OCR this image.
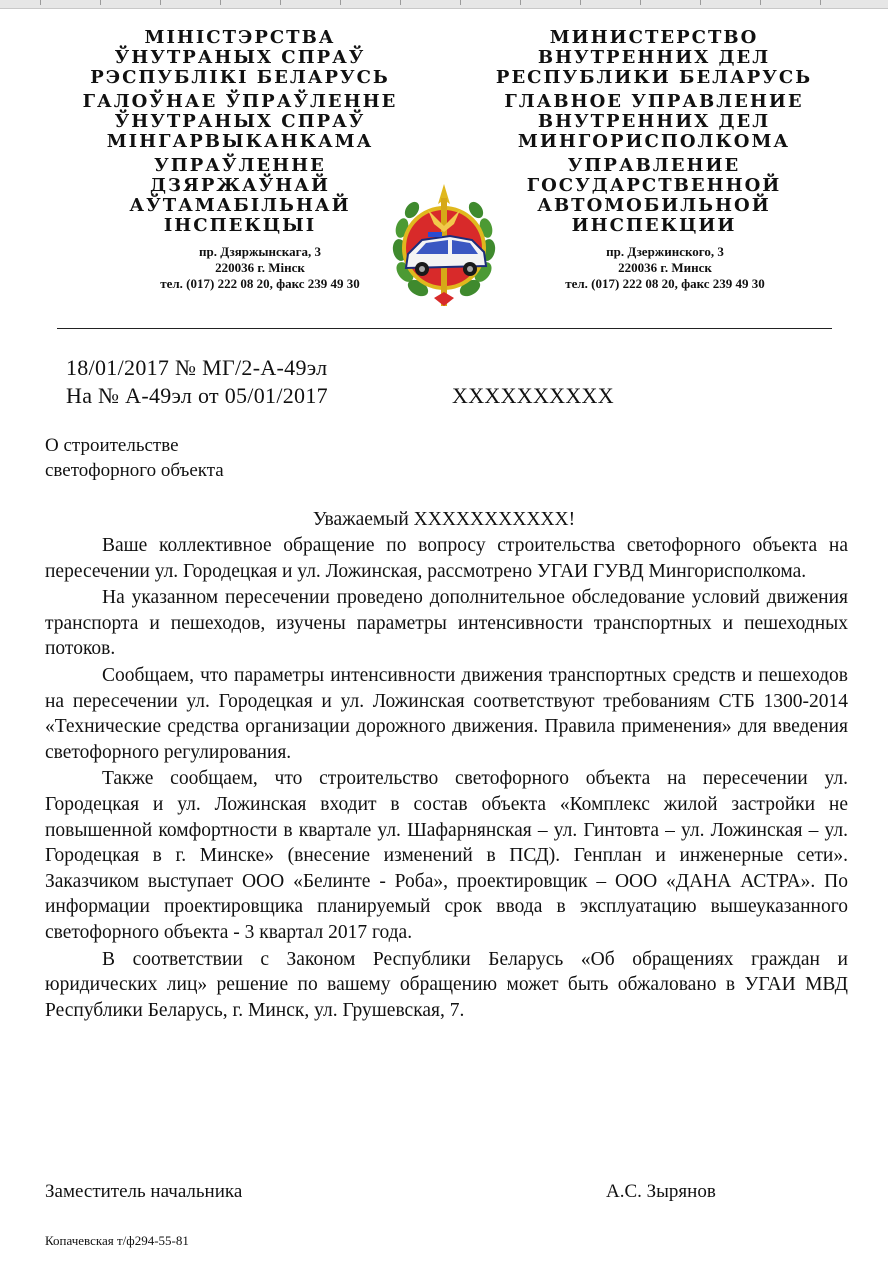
МІНІСТЭРСТВА
ЎНУТРАНЫХ СПРАЎ
РЭСПУБЛІКІ БЕЛАРУСЬ
ГАЛОЎНАЕ ЎПРАЎЛЕННЕ
ЎНУТРАНЫХ СПРАЎ
МІНГАРВЫКАНКАМА
УПРАЎЛЕННЕ
ДЗЯРЖАЎНАЙ
АЎТАМАБІЛЬНАЙ
ІНСПЕКЦЫІ
пр. Дзяржынскага, 3
220036 г. Мінск
тел. (017) 222 08 20, факс 239 49 30
МИНИСТЕРСТВО
ВНУТРЕННИХ ДЕЛ
РЕСПУБЛИКИ БЕЛАРУСЬ
ГЛАВНОЕ УПРАВЛЕНИЕ
ВНУТРЕННИХ ДЕЛ
МИНГОРИСПОЛКОМА
УПРАВЛЕНИЕ
ГОСУДАРСТВЕННОЙ
АВТОМОБИЛЬНОЙ
ИНСПЕКЦИИ
пр. Дзержинского, 3
220036 г. Минск
тел. (017) 222 08 20, факс 239 49 30
18/01/2017 № МГ/2-А-49эл
На № А-49эл от 05/01/2017	XXXXXXXXXX
О строительстве
светофорного объекта
Уважаемый XXXXXXXXXXX!

Ваше коллективное обращение по вопросу строительства светофорного объекта на пересечении ул. Городецкая и ул. Ложинская, рассмотрено УГАИ ГУВД Мингорисполкома.

На указанном пересечении проведено дополнительное обследование условий движения транспорта и пешеходов, изучены параметры интенсивности транспортных и пешеходных потоков.

Сообщаем, что параметры интенсивности движения транспортных средств и пешеходов на пересечении ул. Городецкая и ул. Ложинская соответствуют требованиям СТБ 1300-2014 «Технические средства организации дорожного движения. Правила применения» для введения светофорного регулирования.

Также сообщаем, что строительство светофорного объекта на пересечении ул. Городецкая и ул. Ложинская входит в состав объекта «Комплекс жилой застройки не повышенной комфортности в квартале ул. Шафарнянская – ул. Гинтовта – ул. Ложинская – ул. Городецкая в г. Минске» (внесение изменений в ПСД). Генплан и инженерные сети». Заказчиком выступает ООО «Белинте - Роба», проектировщик – ООО «ДАНА АСТРА». По информации проектировщика планируемый срок ввода в эксплуатацию вышеуказанного светофорного объекта - 3 квартал 2017 года.

В соответствии с Законом Республики Беларусь «Об обращениях граждан и юридических лиц» решение по вашему обращению может быть обжаловано в УГАИ МВД Республики Беларусь, г. Минск, ул. Грушевская, 7.

Заместитель начальника	А.С. Зырянов
Копачевская т/ф294-55-81
